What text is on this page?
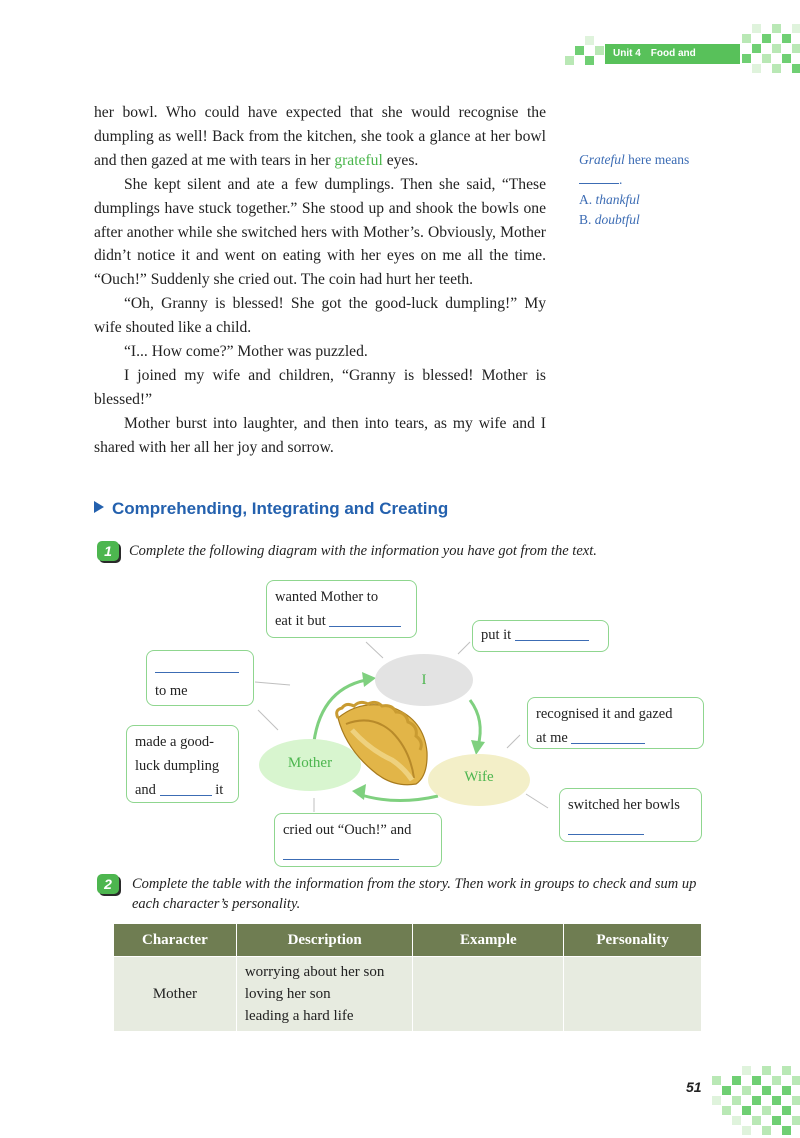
Unit 4 Food and Culture

her bowl. Who could have expected that she would recognise the dumpling as well! Back from the kitchen, she took a glance at her bowl and then gazed at me with tears in her grateful eyes.

She kept silent and ate a few dumplings. Then she said, “These dumplings have stuck together.” She stood up and shook the bowls one after another while she switched hers with Mother’s. Obviously, Mother didn’t notice it and went on eating with her eyes on me all the time. “Ouch!” Suddenly she cried out. The coin had hurt her teeth.

“Oh, Granny is blessed! She got the good-luck dumpling!” My wife shouted like a child.

“I... How come?” Mother was puzzled.

I joined my wife and children, “Granny is blessed! Mother is blessed!”

Mother burst into laughter, and then into tears, as my wife and I shared with her all her joy and sorrow.

Grateful here means

.

A. thankful

B. doubtful

Comprehending, Integrating and Creating
1	Complete the following diagram with the information you have got from the text.
I
Mother
Wife
wanted Mother to
eat it but
put it
to me
recognised it and gazed
at me
made a good-
luck dumpling
and	it
switched her bowls
cried out “Ouch!” and
2	Complete the table with the information from the story. Then work in groups to check and sum up each character’s personality.
Character	Description	Example	Personality
Mother	worrying about her son
loving her son
leading a hard life		

51
